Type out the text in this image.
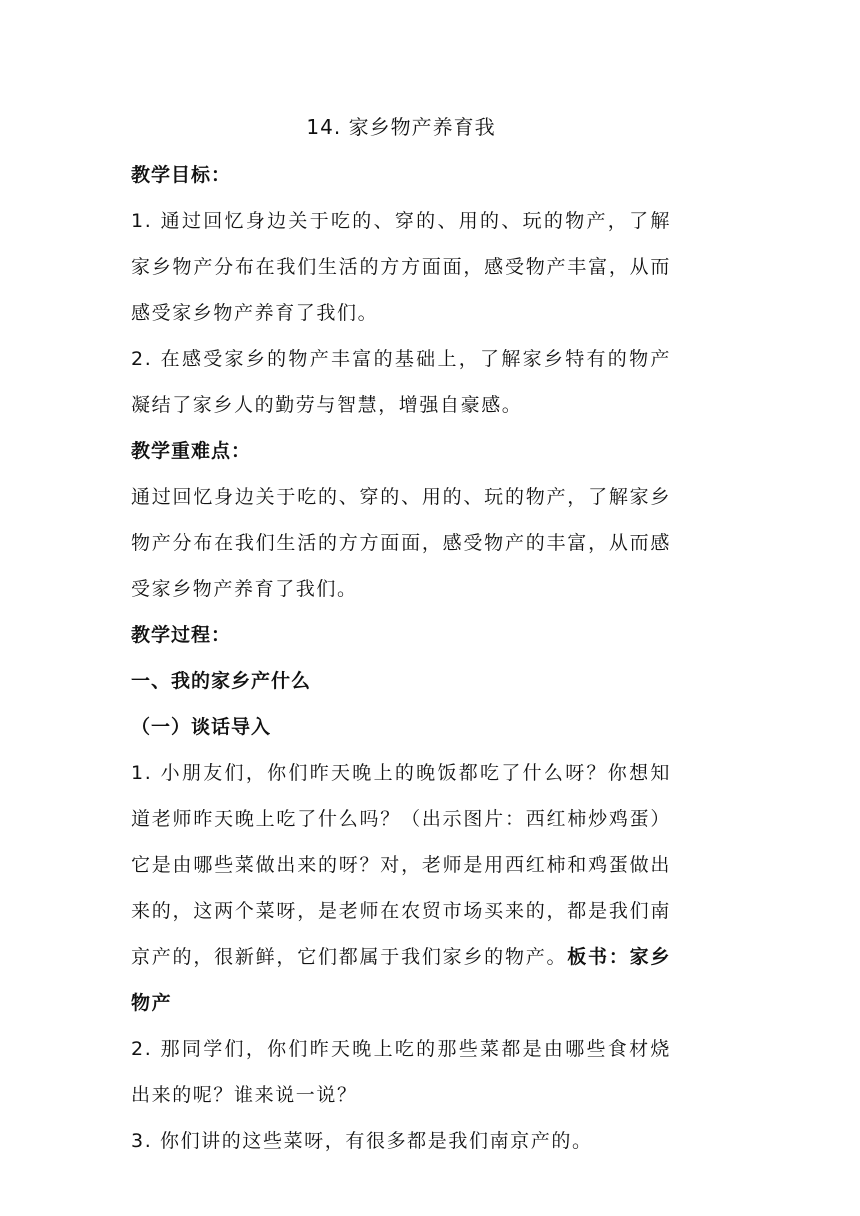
14. 家乡物产养育我

教学目标：

1. 通过回忆身边关于吃的、穿的、用的、玩的物产，了解家乡物产分布在我们生活的方方面面，感受物产丰富，从而感受家乡物产养育了我们。

2. 在感受家乡的物产丰富的基础上，了解家乡特有的物产凝结了家乡人的勤劳与智慧，增强自豪感。

教学重难点：

通过回忆身边关于吃的、穿的、用的、玩的物产，了解家乡物产分布在我们生活的方方面面，感受物产的丰富，从而感受家乡物产养育了我们。

教学过程：

一、我的家乡产什么

（一）谈话导入

1. 小朋友们，你们昨天晚上的晚饭都吃了什么呀？你想知道老师昨天晚上吃了什么吗？（出示图片：西红柿炒鸡蛋）它是由哪些菜做出来的呀？对，老师是用西红柿和鸡蛋做出来的，这两个菜呀，是老师在农贸市场买来的，都是我们南京产的，很新鲜，它们都属于我们家乡的物产。板书：家乡物产

2. 那同学们，你们昨天晚上吃的那些菜都是由哪些食材烧出来的呢？谁来说一说？

3. 你们讲的这些菜呀，有很多都是我们南京产的。
